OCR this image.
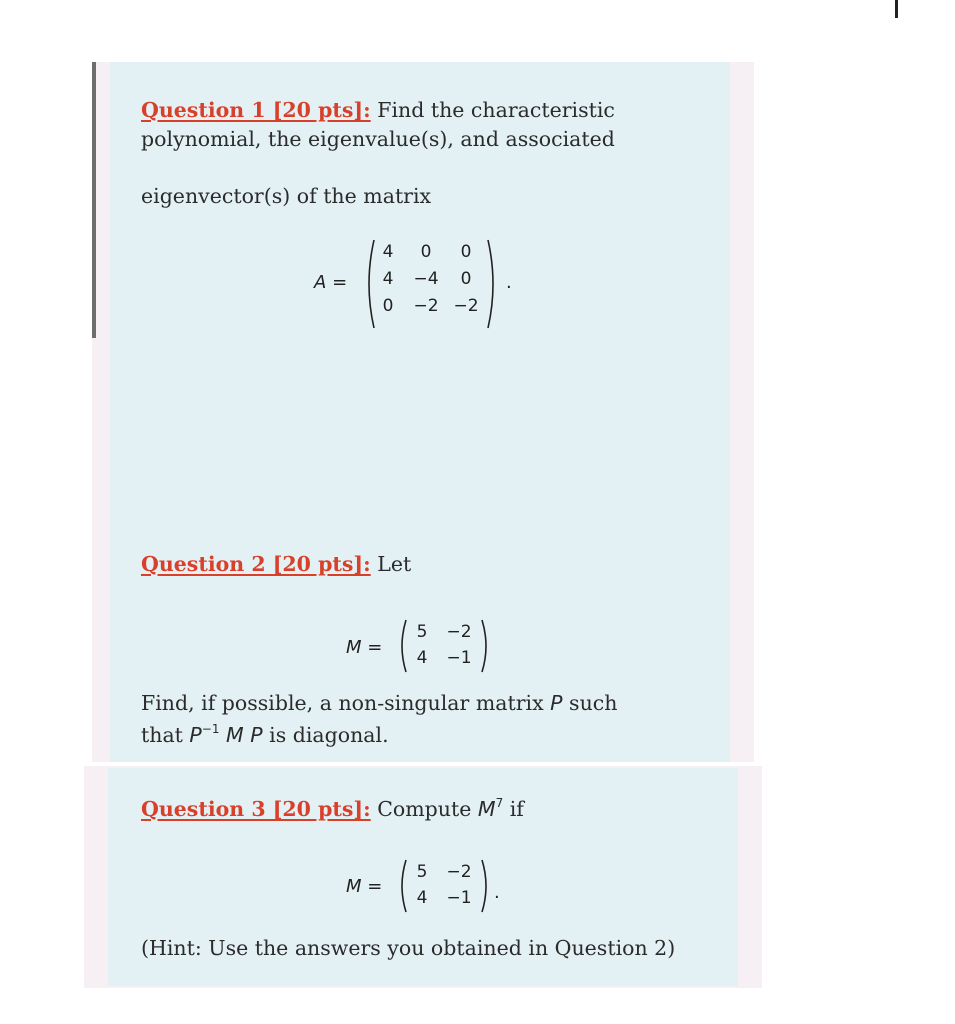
Question 1 [20 pts]: Find the characteristic
polynomial, the eigenvalue(s), and associated
eigenvector(s) of the matrix
A =
4	0	0
4	−4	0
0	−2 −2
.
Question 2 [20 pts]: Let
M =
5	−2
4	−1
Find, if possible, a non-singular matrix P such
that $P^{-1}$ M P is diagonal.
Question 3 [20 pts]: Compute $M^7$ if
M =
5	−2
4	−1	.
(Hint: Use the answers you obtained in Question 2)
